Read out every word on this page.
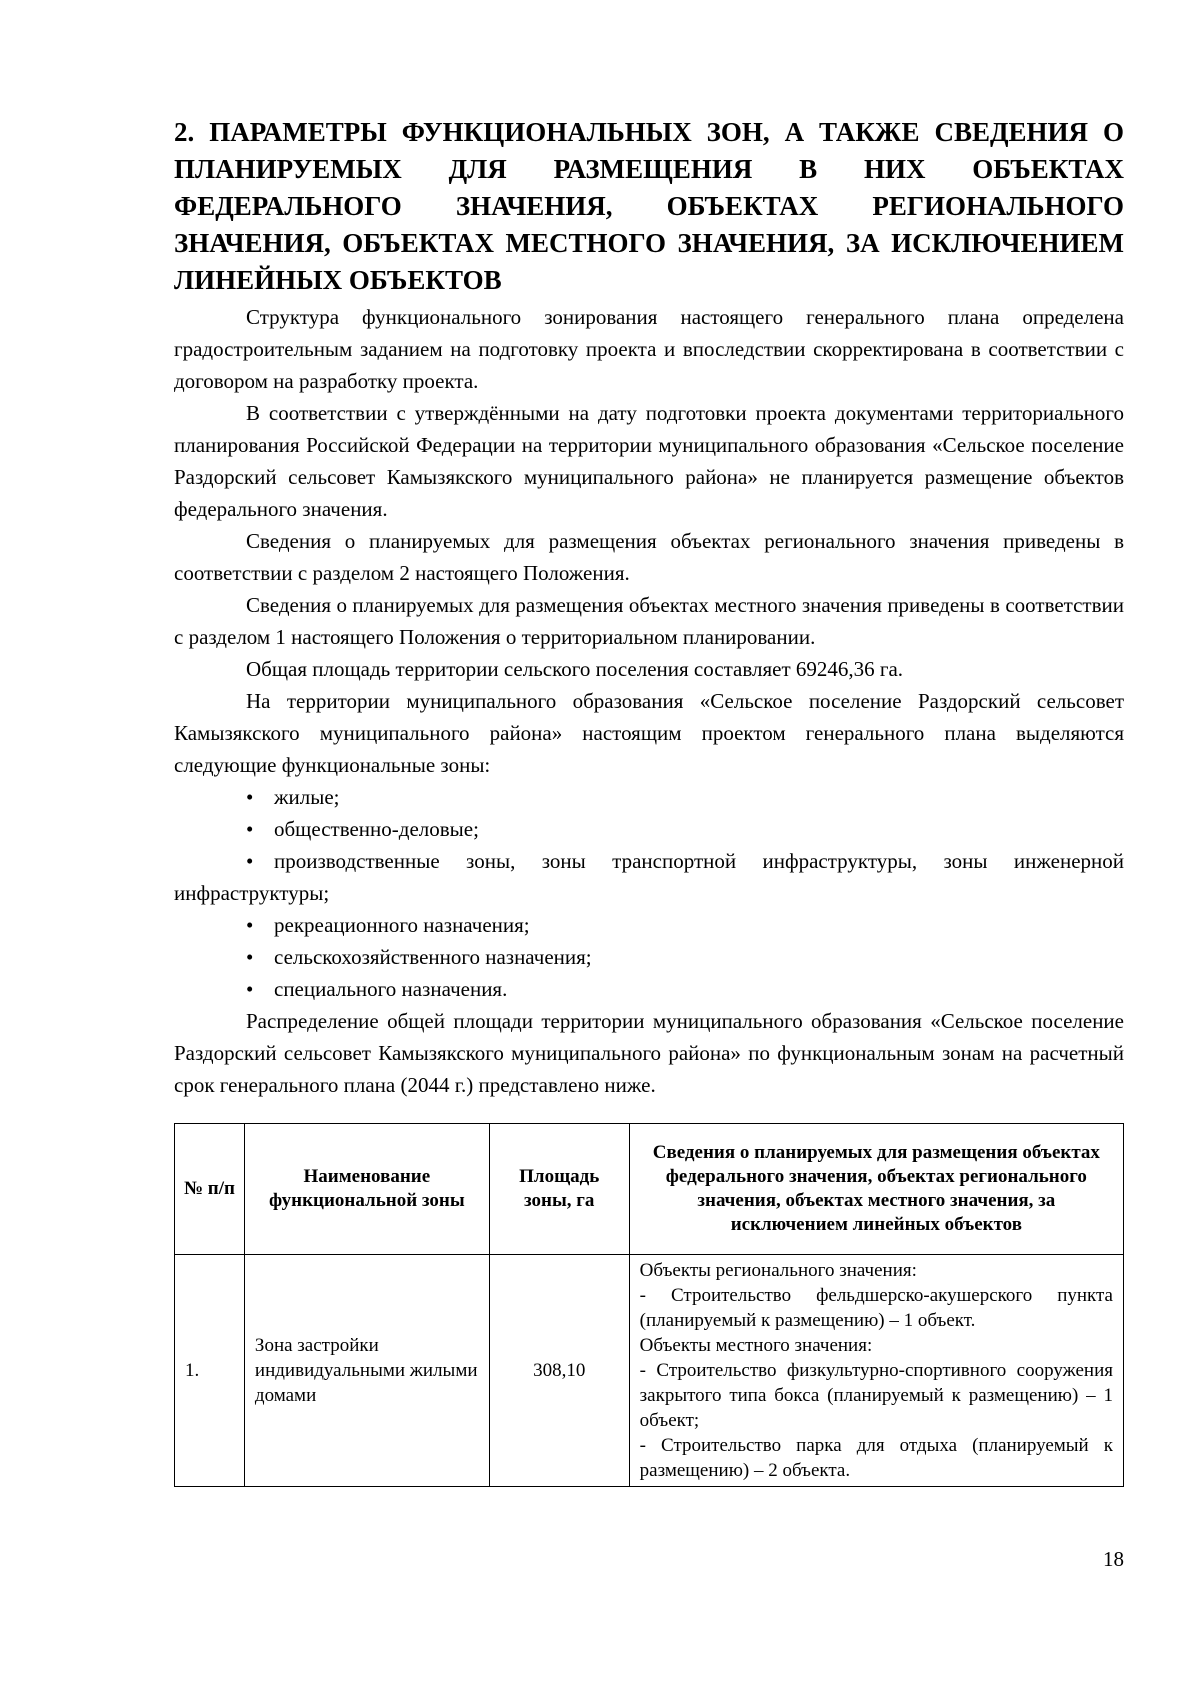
2. ПАРАМЕТРЫ ФУНКЦИОНАЛЬНЫХ ЗОН, А ТАКЖЕ СВЕДЕНИЯ О ПЛАНИРУЕМЫХ ДЛЯ РАЗМЕЩЕНИЯ В НИХ ОБЪЕКТАХ ФЕДЕРАЛЬНОГО ЗНАЧЕНИЯ, ОБЪЕКТАХ РЕГИОНАЛЬНОГО ЗНАЧЕНИЯ, ОБЪЕКТАХ МЕСТНОГО ЗНАЧЕНИЯ, ЗА ИСКЛЮЧЕНИЕМ ЛИНЕЙНЫХ ОБЪЕКТОВ

Структура функционального зонирования настоящего генерального плана определена градостроительным заданием на подготовку проекта и впоследствии скорректирована в соответствии с договором на разработку проекта.

В соответствии с утверждёнными на дату подготовки проекта документами территориального планирования Российской Федерации на территории муниципального образования «Сельское поселение Раздорский сельсовет Камызякского муниципального района» не планируется размещение объектов федерального значения.

Сведения о планируемых для размещения объектах регионального значения приведены в соответствии с разделом 2 настоящего Положения.

Сведения о планируемых для размещения объектах местного значения приведены в соответствии с разделом 1 настоящего Положения о территориальном планировании.

Общая площадь территории сельского поселения составляет 69246,36 га.

На территории муниципального образования «Сельское поселение Раздорский сельсовет Камызякского муниципального района» настоящим проектом генерального плана выделяются следующие функциональные зоны:

• жилые;
• общественно-деловые;
• производственные зоны, зоны транспортной инфраструктуры, зоны инженерной инфраструктуры;
• рекреационного назначения;
• сельскохозяйственного назначения;
• специального назначения.

Распределение общей площади территории муниципального образования «Сельское поселение Раздорский сельсовет Камызякского муниципального района» по функциональным зонам на расчетный срок генерального плана (2044 г.) представлено ниже.

№ п/п	Наименование функциональной зоны	Площадь зоны, га	Сведения о планируемых для размещения объектах федерального значения, объектах регионального значения, объектах местного значения, за исключением линейных объектов
1.	Зона застройки индивидуальными жилыми домами	308,10	Объекты регионального значения:

- Строительство фельдшерско-акушерского пункта (планируемый к размещению) – 1 объект.

Объекты местного значения:

- Строительство физкультурно-спортивного сооружения закрытого типа бокса (планируемый к размещению) – 1 объект;

- Строительство парка для отдыха (планируемый к размещению) – 2 объекта.

18
